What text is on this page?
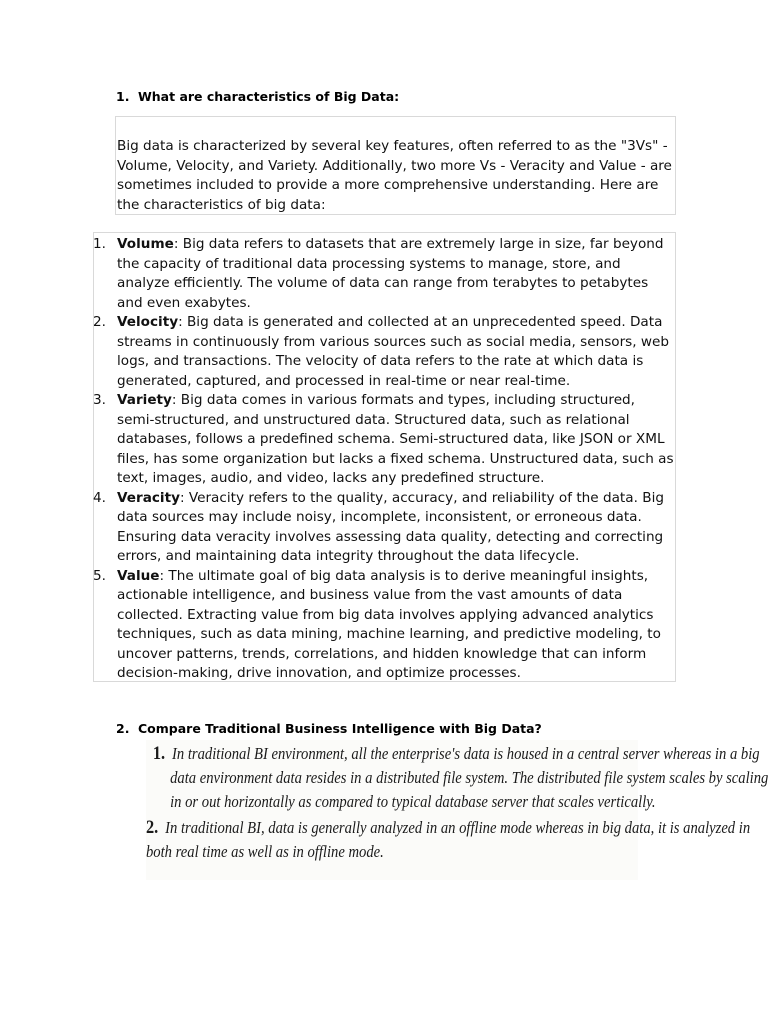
1. What are characteristics of Big Data:
Big data is characterized by several key features, often referred to as the "3Vs" - Volume, Velocity, and Variety. Additionally, two more Vs - Veracity and Value - are sometimes included to provide a more comprehensive understanding. Here are the characteristics of big data:
1. Volume: Big data refers to datasets that are extremely large in size, far beyond the capacity of traditional data processing systems to manage, store, and analyze efficiently. The volume of data can range from terabytes to petabytes and even exabytes.
2. Velocity: Big data is generated and collected at an unprecedented speed. Data streams in continuously from various sources such as social media, sensors, web logs, and transactions. The velocity of data refers to the rate at which data is generated, captured, and processed in real-time or near real-time.
3. Variety: Big data comes in various formats and types, including structured, semi-structured, and unstructured data. Structured data, such as relational databases, follows a predefined schema. Semi-structured data, like JSON or XML files, has some organization but lacks a fixed schema. Unstructured data, such as text, images, audio, and video, lacks any predefined structure.
4. Veracity: Veracity refers to the quality, accuracy, and reliability of the data. Big data sources may include noisy, incomplete, inconsistent, or erroneous data. Ensuring data veracity involves assessing data quality, detecting and correcting errors, and maintaining data integrity throughout the data lifecycle.
5. Value: The ultimate goal of big data analysis is to derive meaningful insights, actionable intelligence, and business value from the vast amounts of data collected. Extracting value from big data involves applying advanced analytics techniques, such as data mining, machine learning, and predictive modeling, to uncover patterns, trends, correlations, and hidden knowledge that can inform decision-making, drive innovation, and optimize processes.
2. Compare Traditional Business Intelligence with Big Data?
1. In traditional BI environment, all the enterprise's data is housed in a central server whereas in a big
data environment data resides in a distributed file system. The distributed file system scales by scaling
in or out horizontally as compared to typical database server that scales vertically.
2. In traditional BI, data is generally analyzed in an offline mode whereas in big data, it is analyzed in
both real time as well as in offline mode.
